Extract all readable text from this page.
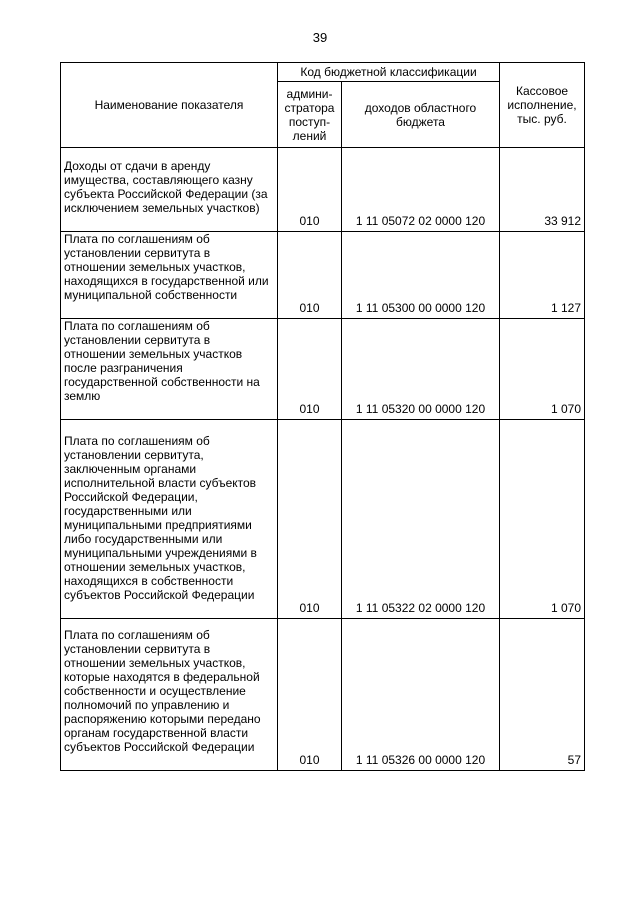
39
Наименование показателя	Код бюджетной классификации		Кассовое исполнение, тыс. руб.
	админи-стратора поступ-лений	доходов областного бюджета	

Доходы от сдачи в аренду имущества, составляющего казну субъекта Российской Федерации (за исключением земельных участков)	010	1 11 05072 02 0000 120	33 912

Плата по соглашениям об установлении сервитута в отношении земельных участков, находящихся в государственной или муниципальной собственности	010	1 11 05300 00 0000 120	1 127

Плата по соглашениям об установлении сервитута в отношении земельных участков после разграничения государственной собственности на землю	010	1 11 05320 00 0000 120	1 070

Плата по соглашениям об установлении сервитута, заключенным органами исполнительной власти субъектов Российской Федерации, государственными или муниципальными предприятиями либо государственными или муниципальными учреждениями в отношении земельных участков, находящихся в собственности субъектов Российской Федерации	010	1 11 05322 02 0000 120	1 070

Плата по соглашениям об установлении сервитута в отношении земельных участков, которые находятся в федеральной собственности и осуществление полномочий по управлению и распоряжению которыми передано органам государственной власти субъектов Российской Федерации	010	1 11 05326 00 0000 120	57
